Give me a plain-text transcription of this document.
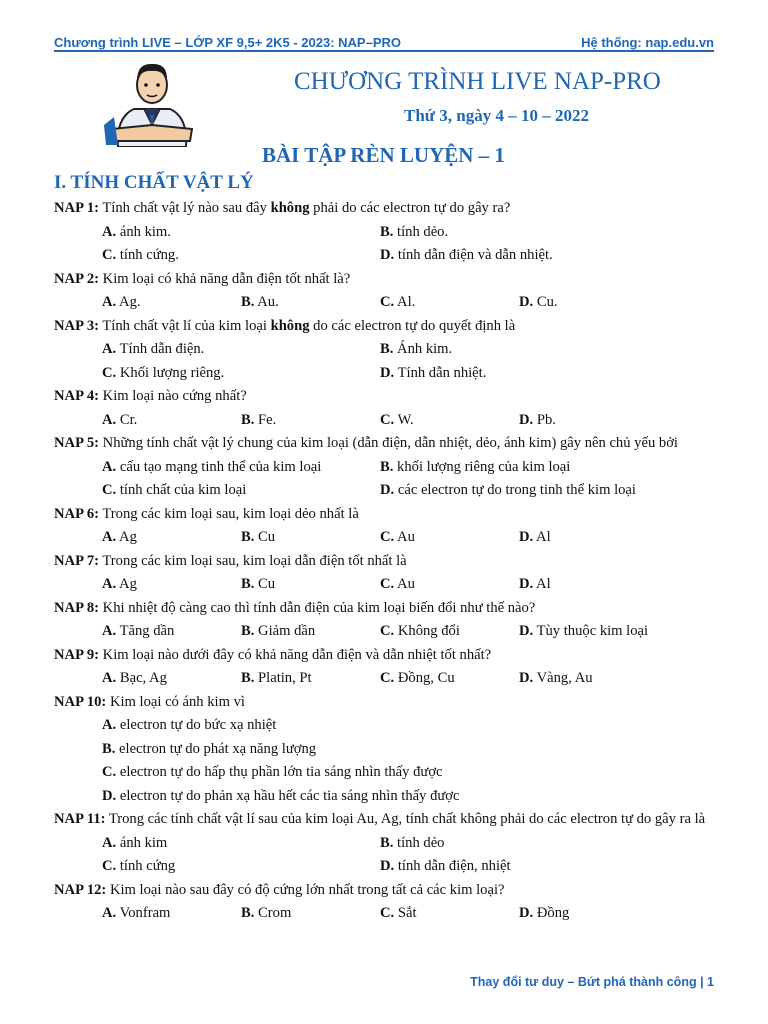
Chương trình LIVE – LỚP XF 9,5+ 2K5 - 2023: NAP–PRO	Hệ thống: nap.edu.vn
CHƯƠNG TRÌNH LIVE NAP-PRO
Thứ 3, ngày 4 – 10 – 2022
BÀI TẬP RÈN LUYỆN – 1
I. TÍNH CHẤT VẬT LÝ
NAP 1: Tính chất vật lý nào sau đây không phải do các electron tự do gây ra?
A. ánh kim.	B. tính dẻo.
C. tính cứng.	D. tính dẫn điện và dẫn nhiệt.
NAP 2: Kim loại có khả năng dẫn điện tốt nhất là?
A. Ag.	B. Au.	C. Al.	D. Cu.
NAP 3: Tính chất vật lí của kim loại không do các electron tự do quyết định là
A. Tính dẫn điện.	B. Ánh kim.
C. Khối lượng riêng.	D. Tính dẫn nhiệt.
NAP 4: Kim loại nào cứng nhất?
A. Cr.	B. Fe.	C. W.	D. Pb.
NAP 5: Những tính chất vật lý chung của kim loại (dẫn điện, dẫn nhiệt, dẻo, ánh kim) gây nên chủ yếu bởi
A. cấu tạo mạng tinh thể của kim loại	B. khối lượng riêng của kim loại
C. tính chất của kim loại	D. các electron tự do trong tinh thể kim loại
NAP 6: Trong các kim loại sau, kim loại dẻo nhất là
A. Ag	B. Cu	C. Au	D. Al
NAP 7: Trong các kim loại sau, kim loại dẫn điện tốt nhất là
A. Ag	B. Cu	C. Au	D. Al
NAP 8: Khi nhiệt độ càng cao thì tính dẫn điện của kim loại biến đổi như thế nào?
A. Tăng dần	B. Giảm dần	C. Không đổi	D. Tùy thuộc kim loại
NAP 9: Kim loại nào dưới đây có khả năng dẫn điện và dẫn nhiệt tốt nhất?
A. Bạc, Ag	B. Platin, Pt	C. Đồng, Cu	D. Vàng, Au
NAP 10: Kim loại có ánh kim vì
A. electron tự do bức xạ nhiệt
B. electron tự do phát xạ năng lượng
C. electron tự do hấp thụ phần lớn tia sáng nhìn thấy được
D. electron tự do phản xạ hầu hết các tia sáng nhìn thấy được
NAP 11: Trong các tính chất vật lí sau của kim loại Au, Ag, tính chất không phải do các electron tự do gây ra là
A. ánh kim	B. tính dẻo
C. tính cứng	D. tính dẫn điện, nhiệt
NAP 12: Kim loại nào sau đây có độ cứng lớn nhất trong tất cả các kim loại?
A. Vonfram	B. Crom	C. Sắt	D. Đồng
Thay đổi tư duy – Bứt phá thành công | 1
